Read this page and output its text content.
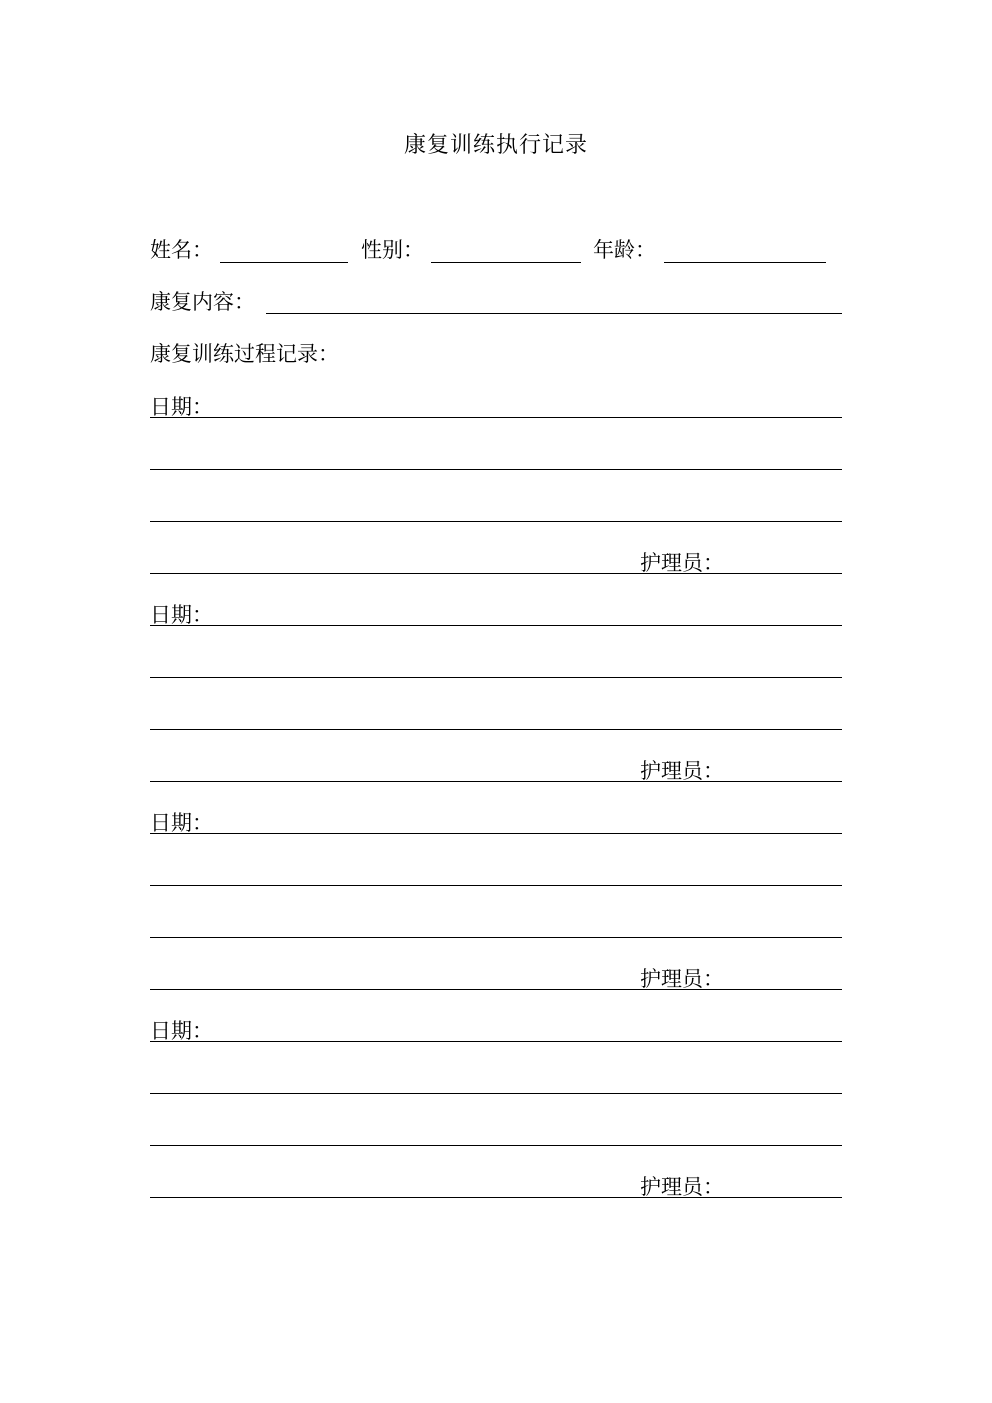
康复训练执行记录
姓名：	性别：	年龄：
康复内容：
康复训练过程记录：
日期：
护理员：
日期：
护理员：
日期：
护理员：
日期：
护理员：
